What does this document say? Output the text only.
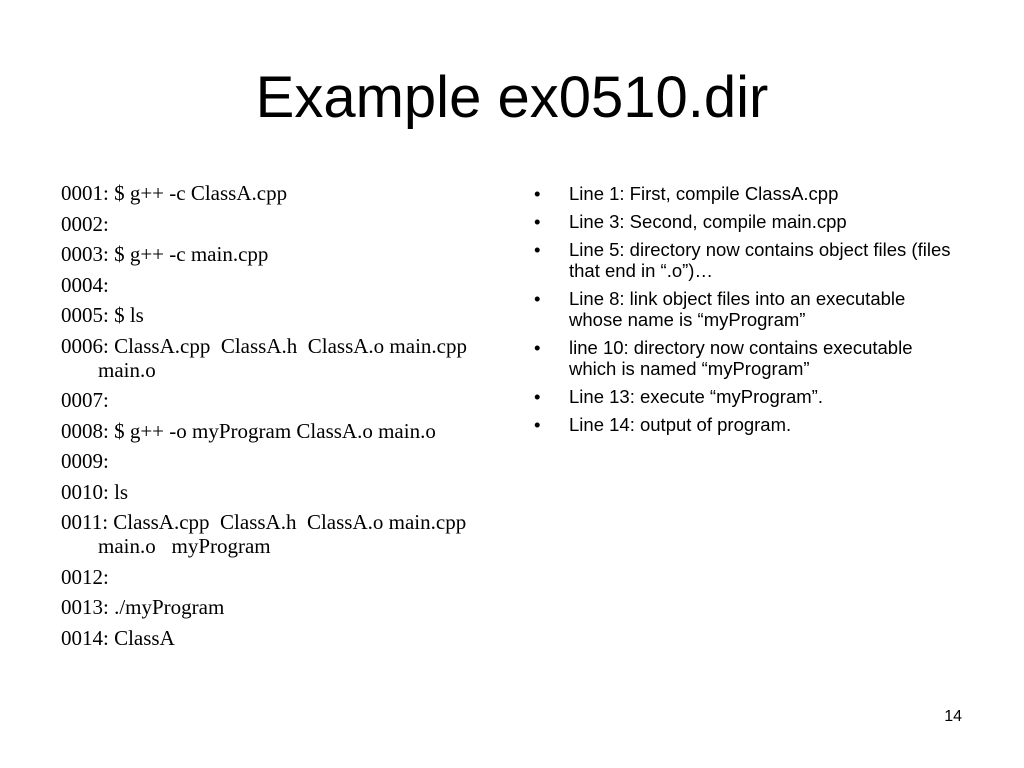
Example ex0510.dir
0001: $ g++ -c ClassA.cpp
0002:
0003: $ g++ -c main.cpp
0004:
0005: $ ls
0006: ClassA.cpp  ClassA.h  ClassA.o main.cpp  main.o
0007:
0008: $ g++ -o myProgram ClassA.o main.o
0009:
0010: ls
0011: ClassA.cpp  ClassA.h  ClassA.o main.cpp  main.o   myProgram
0012:
0013: ./myProgram
0014: ClassA
•	Line 1: First, compile ClassA.cpp
•	Line 3: Second, compile main.cpp
•	Line 5: directory now contains object files (files that end in “.o”)…
•	Line 8: link object files into an executable whose name is “myProgram”
•	line 10: directory now contains executable which is named “myProgram”
•	Line 13: execute “myProgram”.
•	Line 14: output of program.
14
